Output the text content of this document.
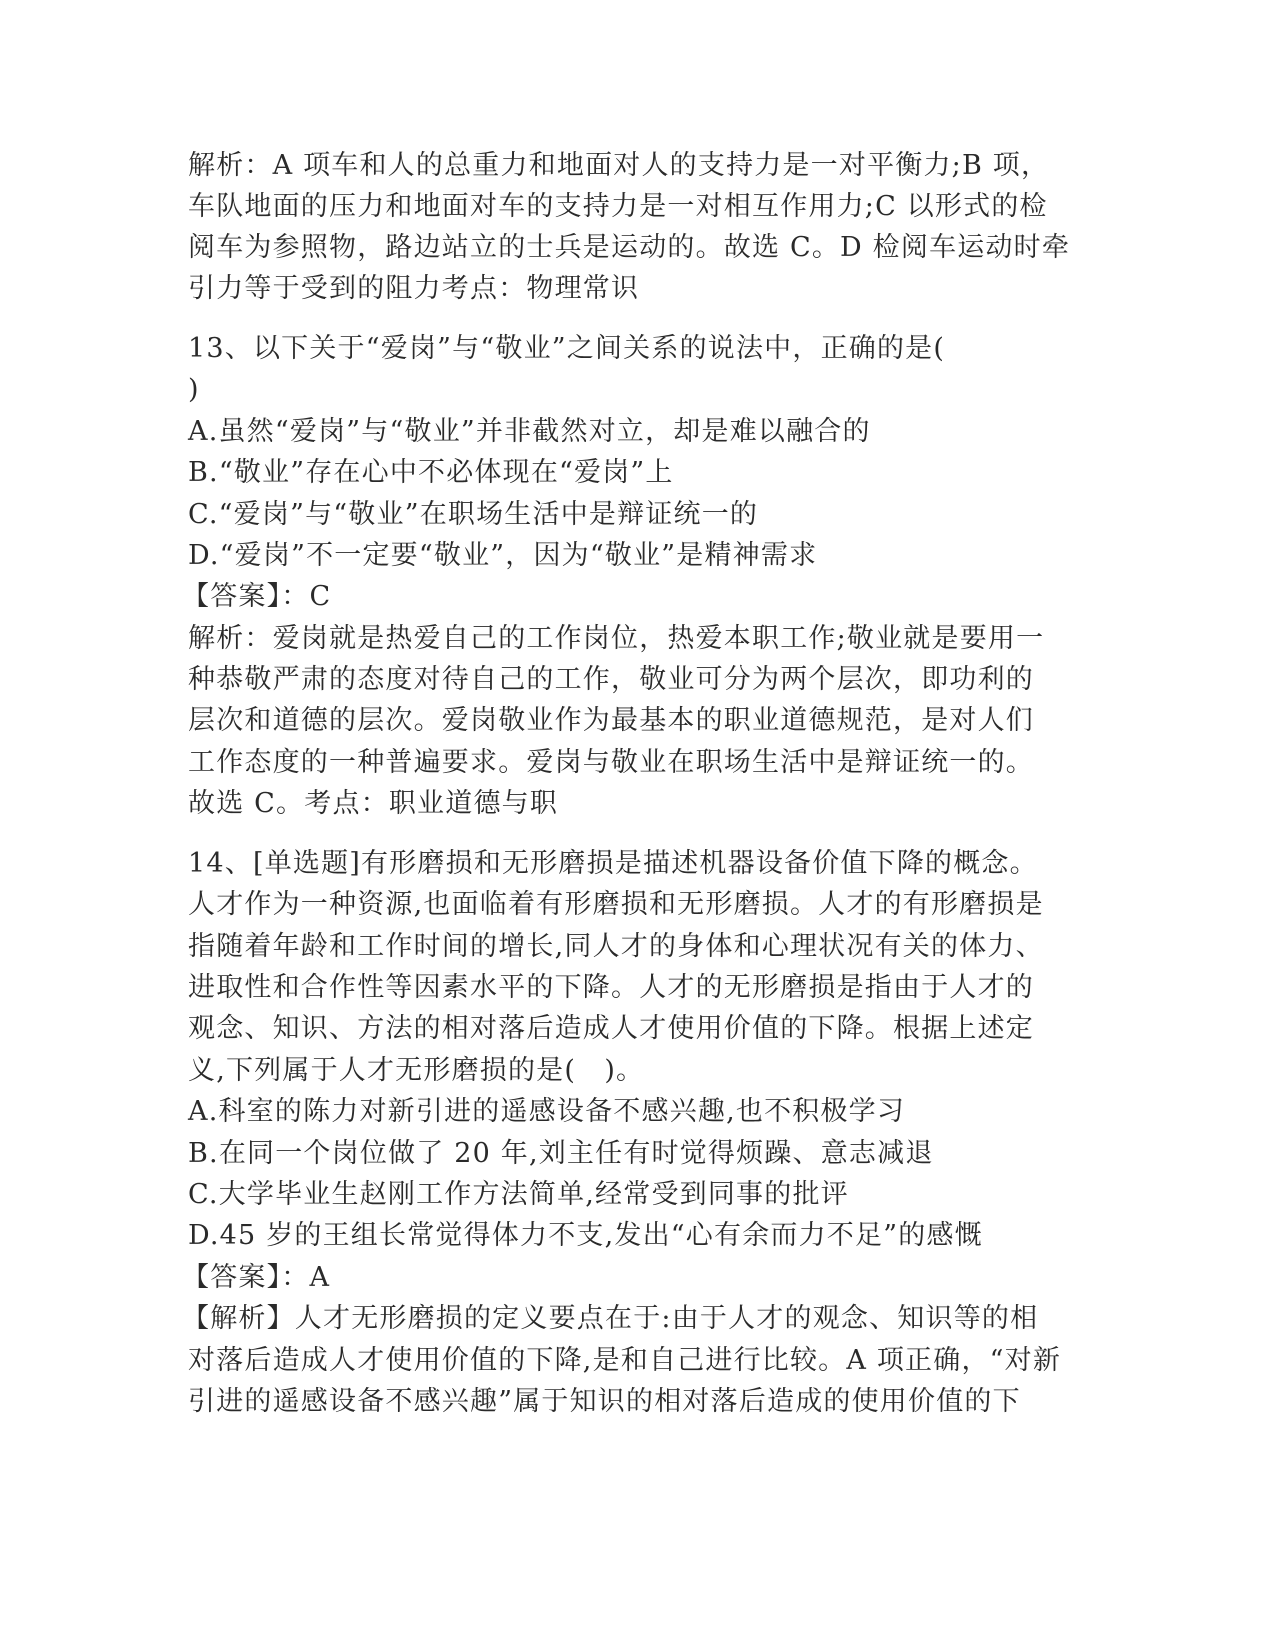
解析：A 项车和人的总重力和地面对人的支持力是一对平衡力;B 项，
车队地面的压力和地面对车的支持力是一对相互作用力;C 以形式的检
阅车为参照物，路边站立的士兵是运动的。故选 C。D 检阅车运动时牵
引力等于受到的阻力考点：物理常识
13、以下关于“爱岗”与“敬业”之间关系的说法中，正确的是(
)
A.虽然“爱岗”与“敬业”并非截然对立，却是难以融合的
B.“敬业”存在心中不必体现在“爱岗”上
C.“爱岗”与“敬业”在职场生活中是辩证统一的
D.“爱岗”不一定要“敬业”，因为“敬业”是精神需求
【答案】：C
解析：爱岗就是热爱自己的工作岗位，热爱本职工作;敬业就是要用一
种恭敬严肃的态度对待自己的工作，敬业可分为两个层次，即功利的
层次和道德的层次。爱岗敬业作为最基本的职业道德规范，是对人们
工作态度的一种普遍要求。爱岗与敬业在职场生活中是辩证统一的。
故选 C。考点：职业道德与职
14、[单选题]有形磨损和无形磨损是描述机器设备价值下降的概念。
人才作为一种资源,也面临着有形磨损和无形磨损。人才的有形磨损是
指随着年龄和工作时间的增长,同人才的身体和心理状况有关的体力、
进取性和合作性等因素水平的下降。人才的无形磨损是指由于人才的
观念、知识、方法的相对落后造成人才使用价值的下降。根据上述定
义,下列属于人才无形磨损的是(　)。
A.科室的陈力对新引进的遥感设备不感兴趣,也不积极学习
B.在同一个岗位做了 20 年,刘主任有时觉得烦躁、意志减退
C.大学毕业生赵刚工作方法简单,经常受到同事的批评
D.45 岁的王组长常觉得体力不支,发出“心有余而力不足”的感慨
【答案】：A
【解析】人才无形磨损的定义要点在于:由于人才的观念、知识等的相
对落后造成人才使用价值的下降,是和自己进行比较。A 项正确，“对新
引进的遥感设备不感兴趣”属于知识的相对落后造成的使用价值的下
